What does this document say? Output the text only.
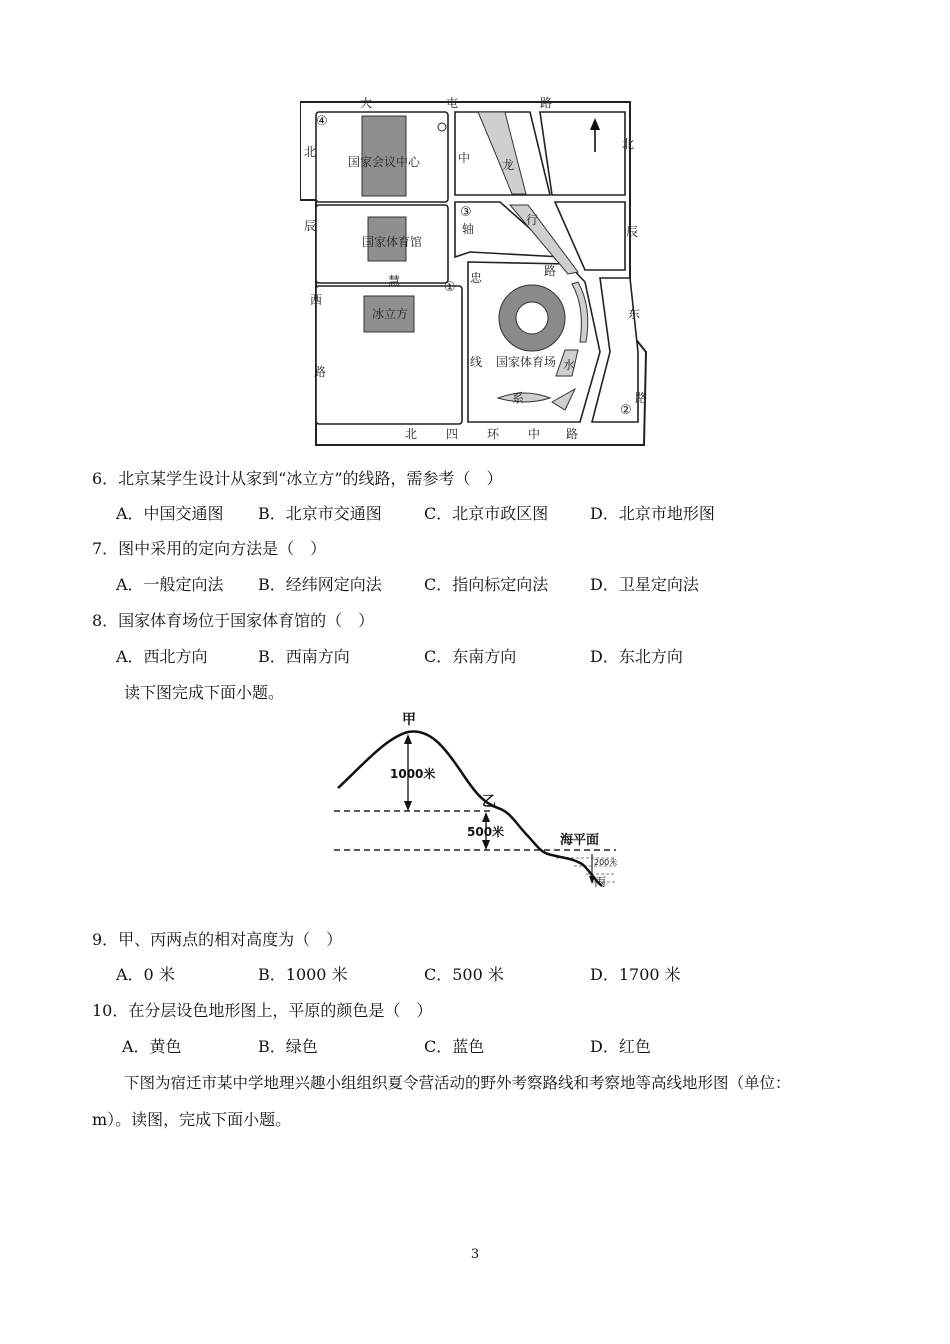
大	屯	路
北 四 环 中 路
北
辰
西
路
北
辰
东
路
中
轴
慧	忠	路
龙
行
水
系
线
国家会议中心
国家体育馆
冰立方
国家体育场
④
③
①
②
6．北京某学生设计从家到“冰立方”的线路，需参考（　）
A．中国交通图 B．北京市交通图	C．北京市政区图	D．北京市地形图
7．图中采用的定向方法是（　）
A．一般定向法 B．经纬网定向法	C．指向标定向法	D．卫星定向法
8．国家体育场位于国家体育馆的（　）
A．西北方向	B．西南方向	C．东南方向	D．东北方向
读下图完成下面小题。
甲
1000米
乙
500米
海平面
200米
丙
9．甲、丙两点的相对高度为（　）
A．0 米	B．1000 米	C．500 米	D．1700 米
10．在分层设色地形图上，平原的颜色是（　）
A．黄色	B．绿色	C．蓝色	D．红色
下图为宿迁市某中学地理兴趣小组组织夏令营活动的野外考察路线和考察地等高线地形图（单位：
m）。读图，完成下面小题。
3
